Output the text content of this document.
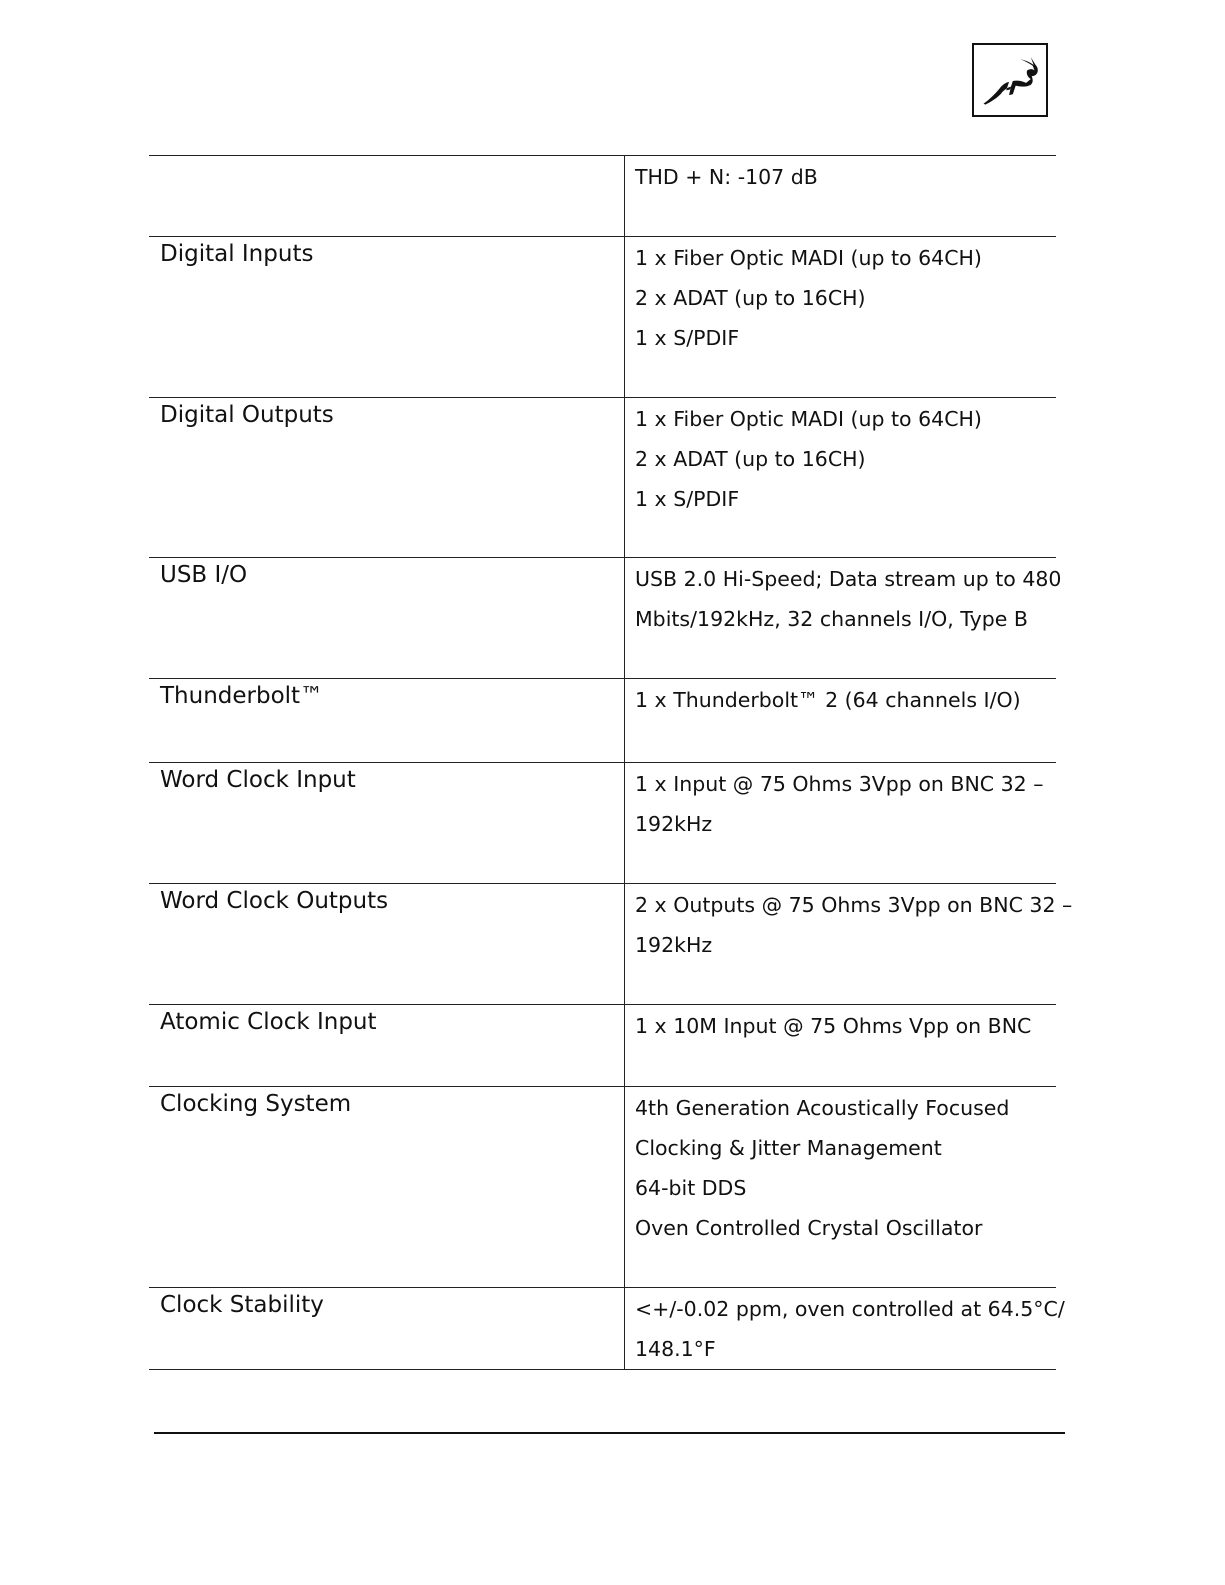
	THD + N: -107 dB

Digital Inputs	1 x Fiber Optic MADI (up to 64CH)
2 x ADAT (up to 16CH)
1 x S/PDIF

Digital Outputs	1 x Fiber Optic MADI (up to 64CH)
2 x ADAT (up to 16CH)
1 x S/PDIF

USB I/O	USB 2.0 Hi-Speed; Data stream up to 480
Mbits/192kHz, 32 channels I/O, Type B

Thunderbolt™	1 x Thunderbolt™ 2 (64 channels I/O)

Word Clock Input	1 x Input @ 75 Ohms 3Vpp on BNC 32 –
192kHz

Word Clock Outputs	2 x Outputs @ 75 Ohms 3Vpp on BNC 32 –
192kHz

Atomic Clock Input	1 x 10M Input @ 75 Ohms Vpp on BNC

Clocking System	4th Generation Acoustically Focused
Clocking & Jitter Management
64-bit DDS
Oven Controlled Crystal Oscillator

Clock Stability	<+/-0.02 ppm, oven controlled at 64.5°C/
148.1°F
